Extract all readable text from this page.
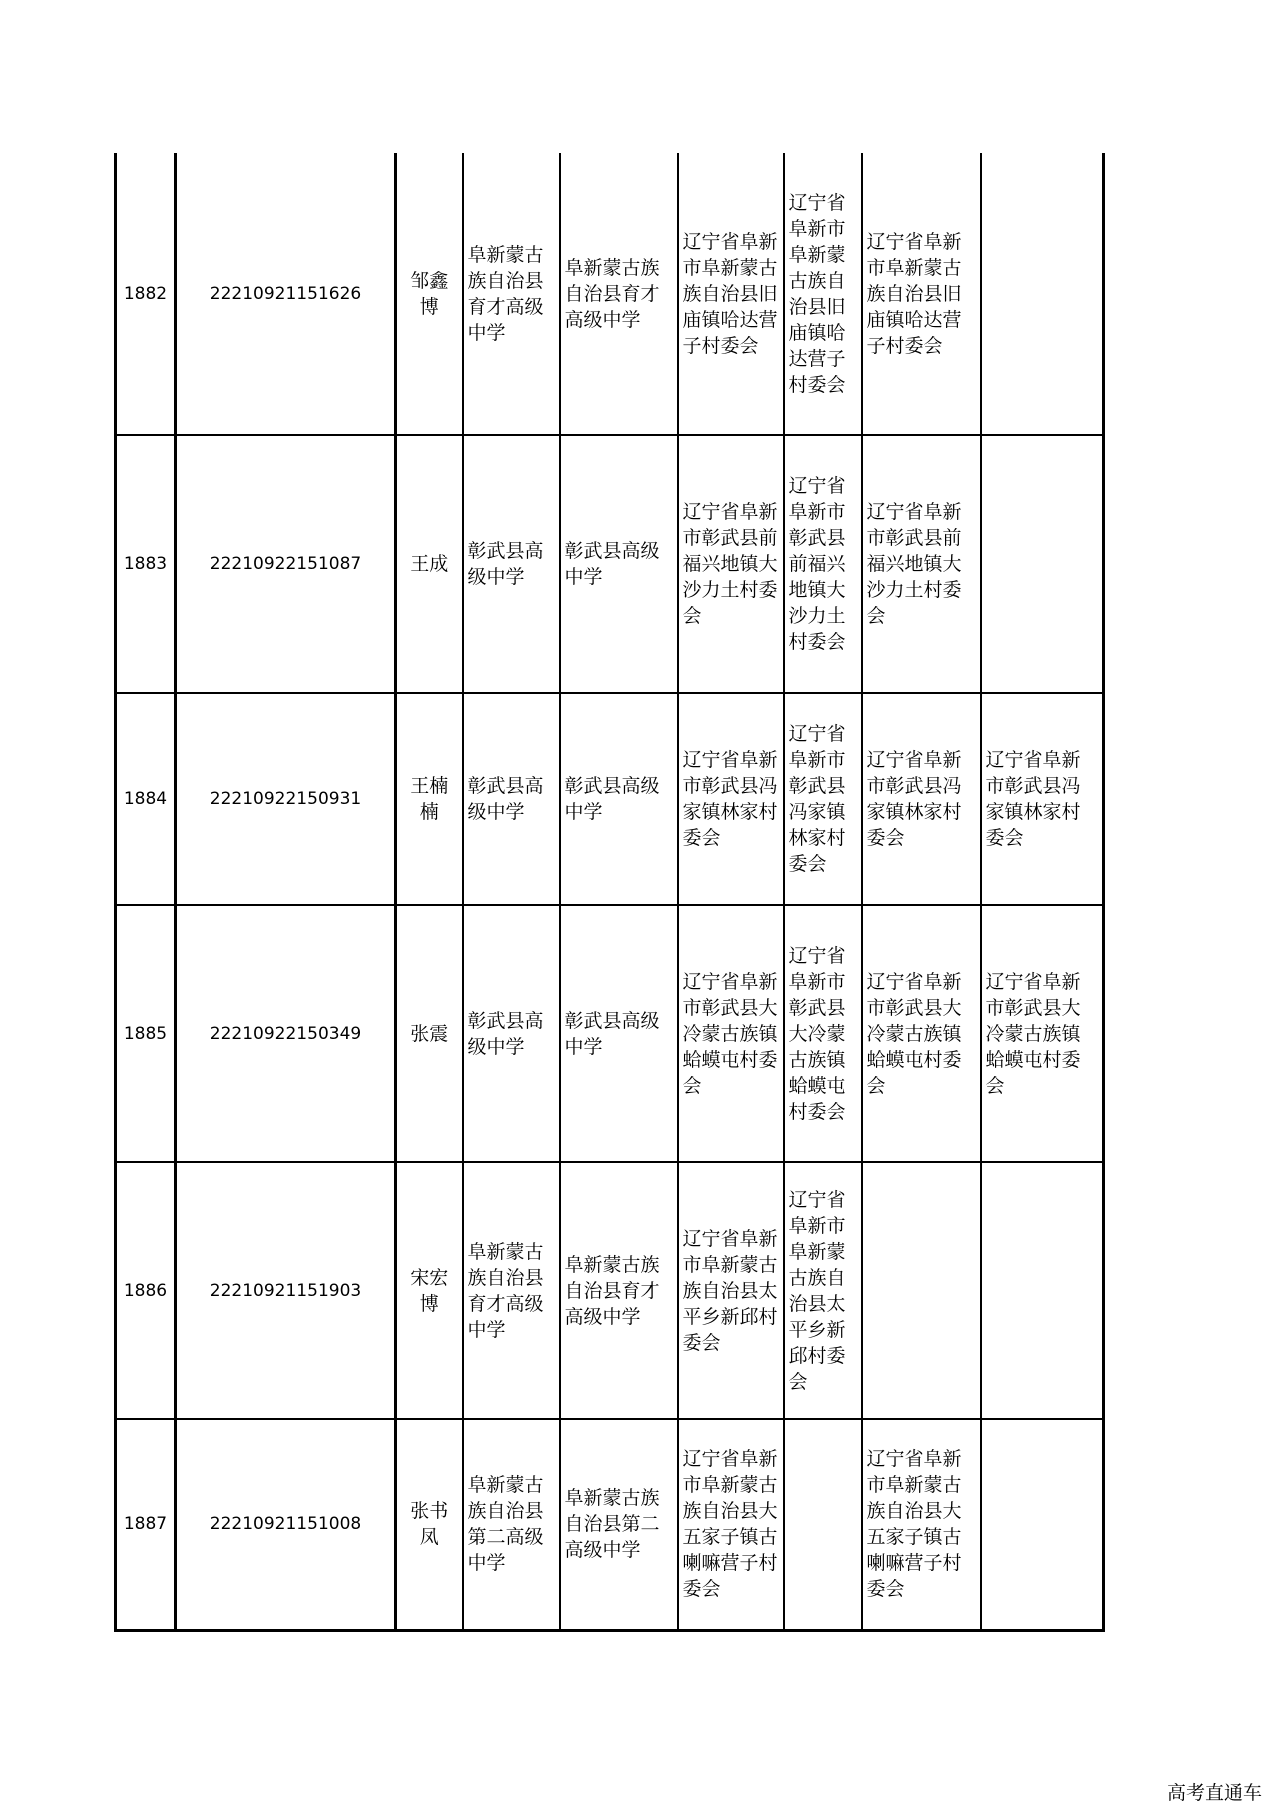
1882	22210921151626	邹鑫博	阜新蒙古族自治县育才高级中学	阜新蒙古族自治县育才高级中学	辽宁省阜新市阜新蒙古族自治县旧庙镇哈达营子村委会	辽宁省阜新市阜新蒙古族自治县旧庙镇哈达营子村委会	辽宁省阜新市阜新蒙古族自治县旧庙镇哈达营子村委会	
1883	22210922151087	王成	彰武县高级中学	彰武县高级中学	辽宁省阜新市彰武县前福兴地镇大沙力土村委会	辽宁省阜新市彰武县前福兴地镇大沙力土村委会	辽宁省阜新市彰武县前福兴地镇大沙力土村委会	
1884	22210922150931	王楠楠	彰武县高级中学	彰武县高级中学	辽宁省阜新市彰武县冯家镇林家村委会	辽宁省阜新市彰武县冯家镇林家村委会	辽宁省阜新市彰武县冯家镇林家村委会	辽宁省阜新市彰武县冯家镇林家村委会
1885	22210922150349	张震	彰武县高级中学	彰武县高级中学	辽宁省阜新市彰武县大冷蒙古族镇蛤蟆屯村委会	辽宁省阜新市彰武县大冷蒙古族镇蛤蟆屯村委会	辽宁省阜新市彰武县大冷蒙古族镇蛤蟆屯村委会	辽宁省阜新市彰武县大冷蒙古族镇蛤蟆屯村委会
1886	22210921151903	宋宏博	阜新蒙古族自治县育才高级中学	阜新蒙古族自治县育才高级中学	辽宁省阜新市阜新蒙古族自治县太平乡新邱村委会	辽宁省阜新市阜新蒙古族自治县太平乡新邱村委会		
1887	22210921151008	张书凤	阜新蒙古族自治县第二高级中学	阜新蒙古族自治县第二高级中学	辽宁省阜新市阜新蒙古族自治县大五家子镇古喇嘛营子村委会		辽宁省阜新市阜新蒙古族自治县大五家子镇古喇嘛营子村委会	
高考直通车
